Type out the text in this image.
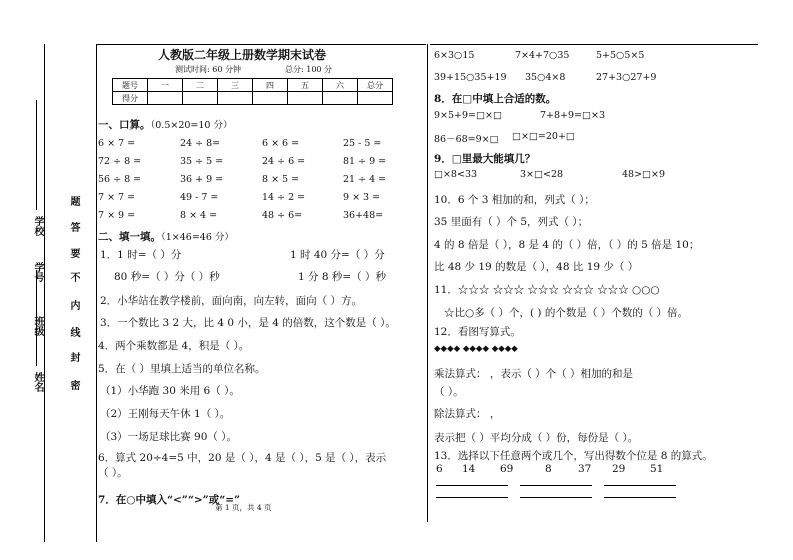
姓名
班级
学号
学校
密
封
线
内
不
要
答
题
人教版二年级上册数学期末试卷
测试时间: 60 分钟	总分: 100 分
题号	一	二	三	四	五	六	总分
得分							
一、口算。（0.5×20=10 分）
6 × 7 =	24 ÷ 8=	6 × 6 =	25 - 5 =
72 ÷ 8 =	35 ÷ 5 =	24 ÷ 6 =	81 ÷ 9 =
56 ÷ 8 =	36 + 9 =	8 × 5 =	21 ÷ 4 =
7 × 7 =	49 - 7 =	14 ÷ 2 =	9 × 3 =
7 × 9 =	8 × 4 =	48 ÷ 6=	36+48=
二、填一填。（1×46=46 分）
1．1 时=（ ）分	1 时 40 分=（ ）分
80 秒=（ ）分（ ）秒	1 分 8 秒=（ ）秒
2．小华站在教学楼前，面向南，向左转，面向（ ）方。
3．一个数比 3 2 大，比 4 0 小，是 4 的倍数，这个数是（ ）。
4．两个乘数都是 4，积是（ ）。
5．在（ ）里填上适当的单位名称。
（1）小华跑 30 米用 6（ ）。
（2）王刚每天午休 1（ ）。
（3）一场足球比赛 90（ ）。
6．算式 20÷4=5 中，20 是（ ），4 是（ ），5 是（ ），表示
（ ）。
7．在○中填入“<”“>”或“=”
第 1 页，共 4 页
6×3○15	7×4+7○35	5+5○5×5
39+15○35+19 35○4×8	27+3○27+9
8．在□中填上合适的数。
9×5+9=□×□	7+8+9=□×3
86－68=9×□ □×□=20+□
9．□里最大能填几？
□×8<33	3×□<28	48>□×9
10．6 个 3 相加的和，列式（ ）；
35 里面有（ ）个 5，列式（ ）；
4 的 8 倍是（ ），8 是 4 的（ ）倍，（ ）的 5 倍是 10；
比 48 少 19 的数是（ ），48 比 19 少（ ）
11．☆☆☆ ☆☆☆ ☆☆☆ ☆☆☆ ☆☆☆ ○○○
☆比○多（ ）个，( ) 的个数是（ ）个数的（ ）倍。
12．看图写算式。
◆◆◆◆ ◆◆◆◆ ◆◆◆◆
乘法算式： ，表示（ ）个（ ）相加的和是
（ ）。
除法算式： ，
表示把（ ）平均分成（ ）份，每份是（ ）。
13．选择以下任意两个或几个，写出得数个位是 8 的算式。
6 14 69	8	37 29 51
